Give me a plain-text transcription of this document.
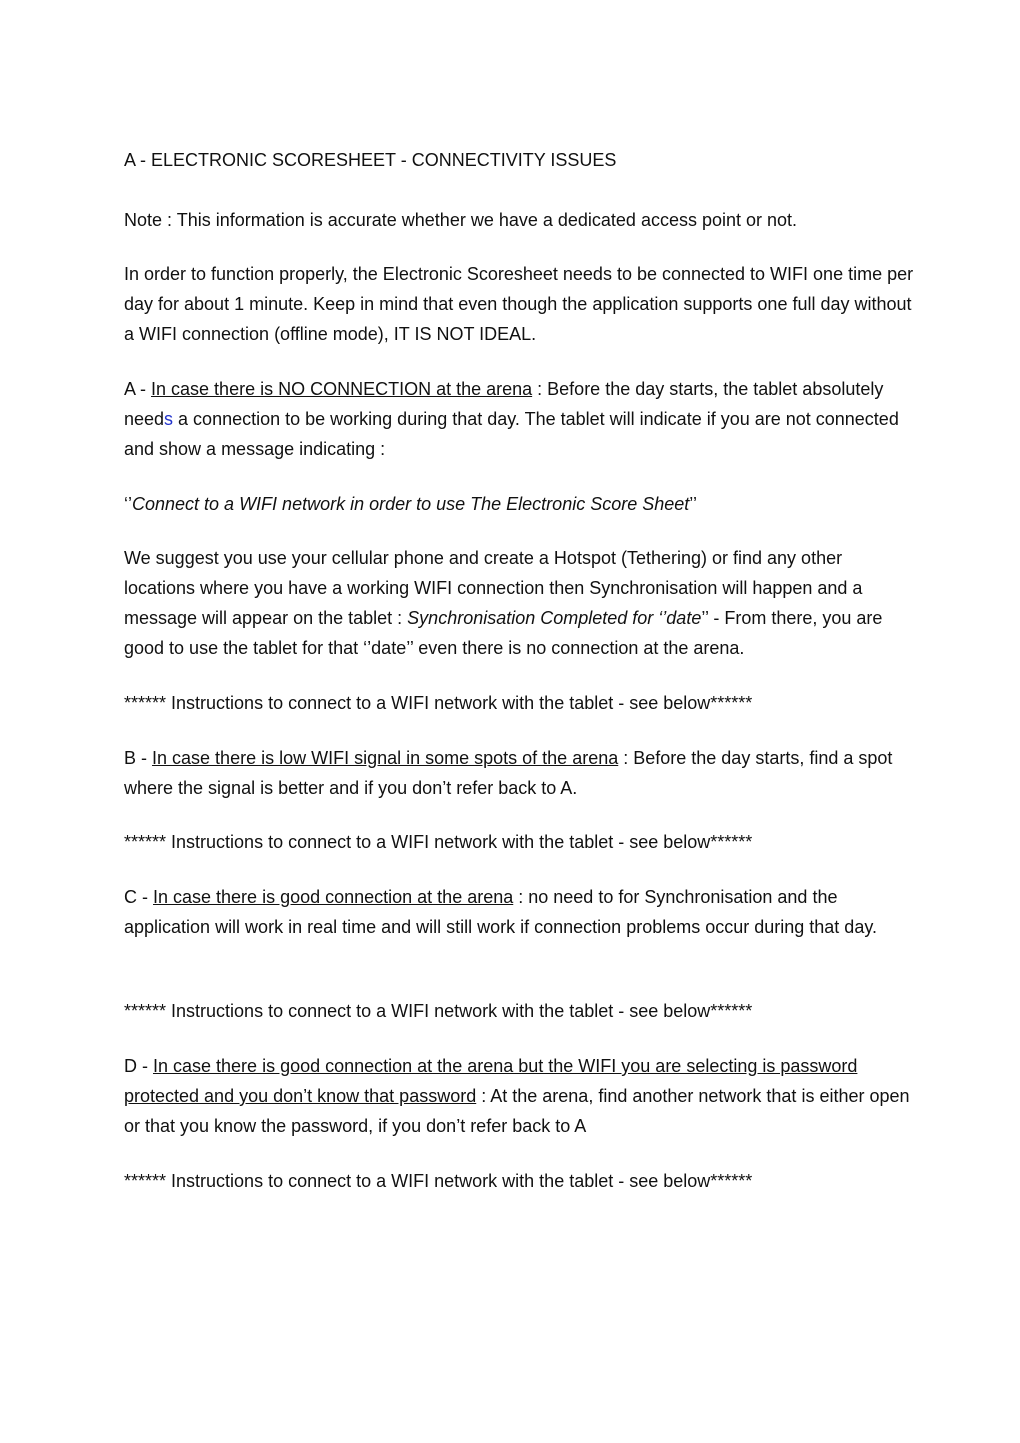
A - ELECTRONIC SCORESHEET - CONNECTIVITY ISSUES

Note : This information is accurate whether we have a dedicated access point or not.

In order to function properly, the Electronic Scoresheet needs to be connected to WIFI one time per day for about 1 minute. Keep in mind that even though the application supports one full day without a WIFI connection (offline mode), IT IS NOT IDEAL.

A - In case there is NO CONNECTION at the arena : Before the day starts, the tablet absolutely needs a connection to be working during that day. The tablet will indicate if you are not connected and show a message indicating :

‘’Connect to a WIFI network in order to use The Electronic Score Sheet’’

We suggest you use your cellular phone and create a Hotspot (Tethering) or find any other locations where you have a working WIFI connection then Synchronisation will happen and a message will appear on the tablet : Synchronisation Completed for ‘’date’’ - From there, you are good to use the tablet for that ‘’date’’ even there is no connection at the arena.

****** Instructions to connect to a WIFI network with the tablet - see below******

B - In case there is low WIFI signal in some spots of the arena : Before the day starts, find a spot where the signal is better and if you don’t refer back to A.

****** Instructions to connect to a WIFI network with the tablet - see below******

C - In case there is good connection at the arena : no need to for Synchronisation and the application will work in real time and will still work if connection problems occur during that day.

****** Instructions to connect to a WIFI network with the tablet - see below******

D - In case there is good connection at the arena but the WIFI you are selecting is password protected and you don’t know that password : At the arena, find another network that is either open or that you know the password, if you don’t refer back to A

****** Instructions to connect to a WIFI network with the tablet - see below******
